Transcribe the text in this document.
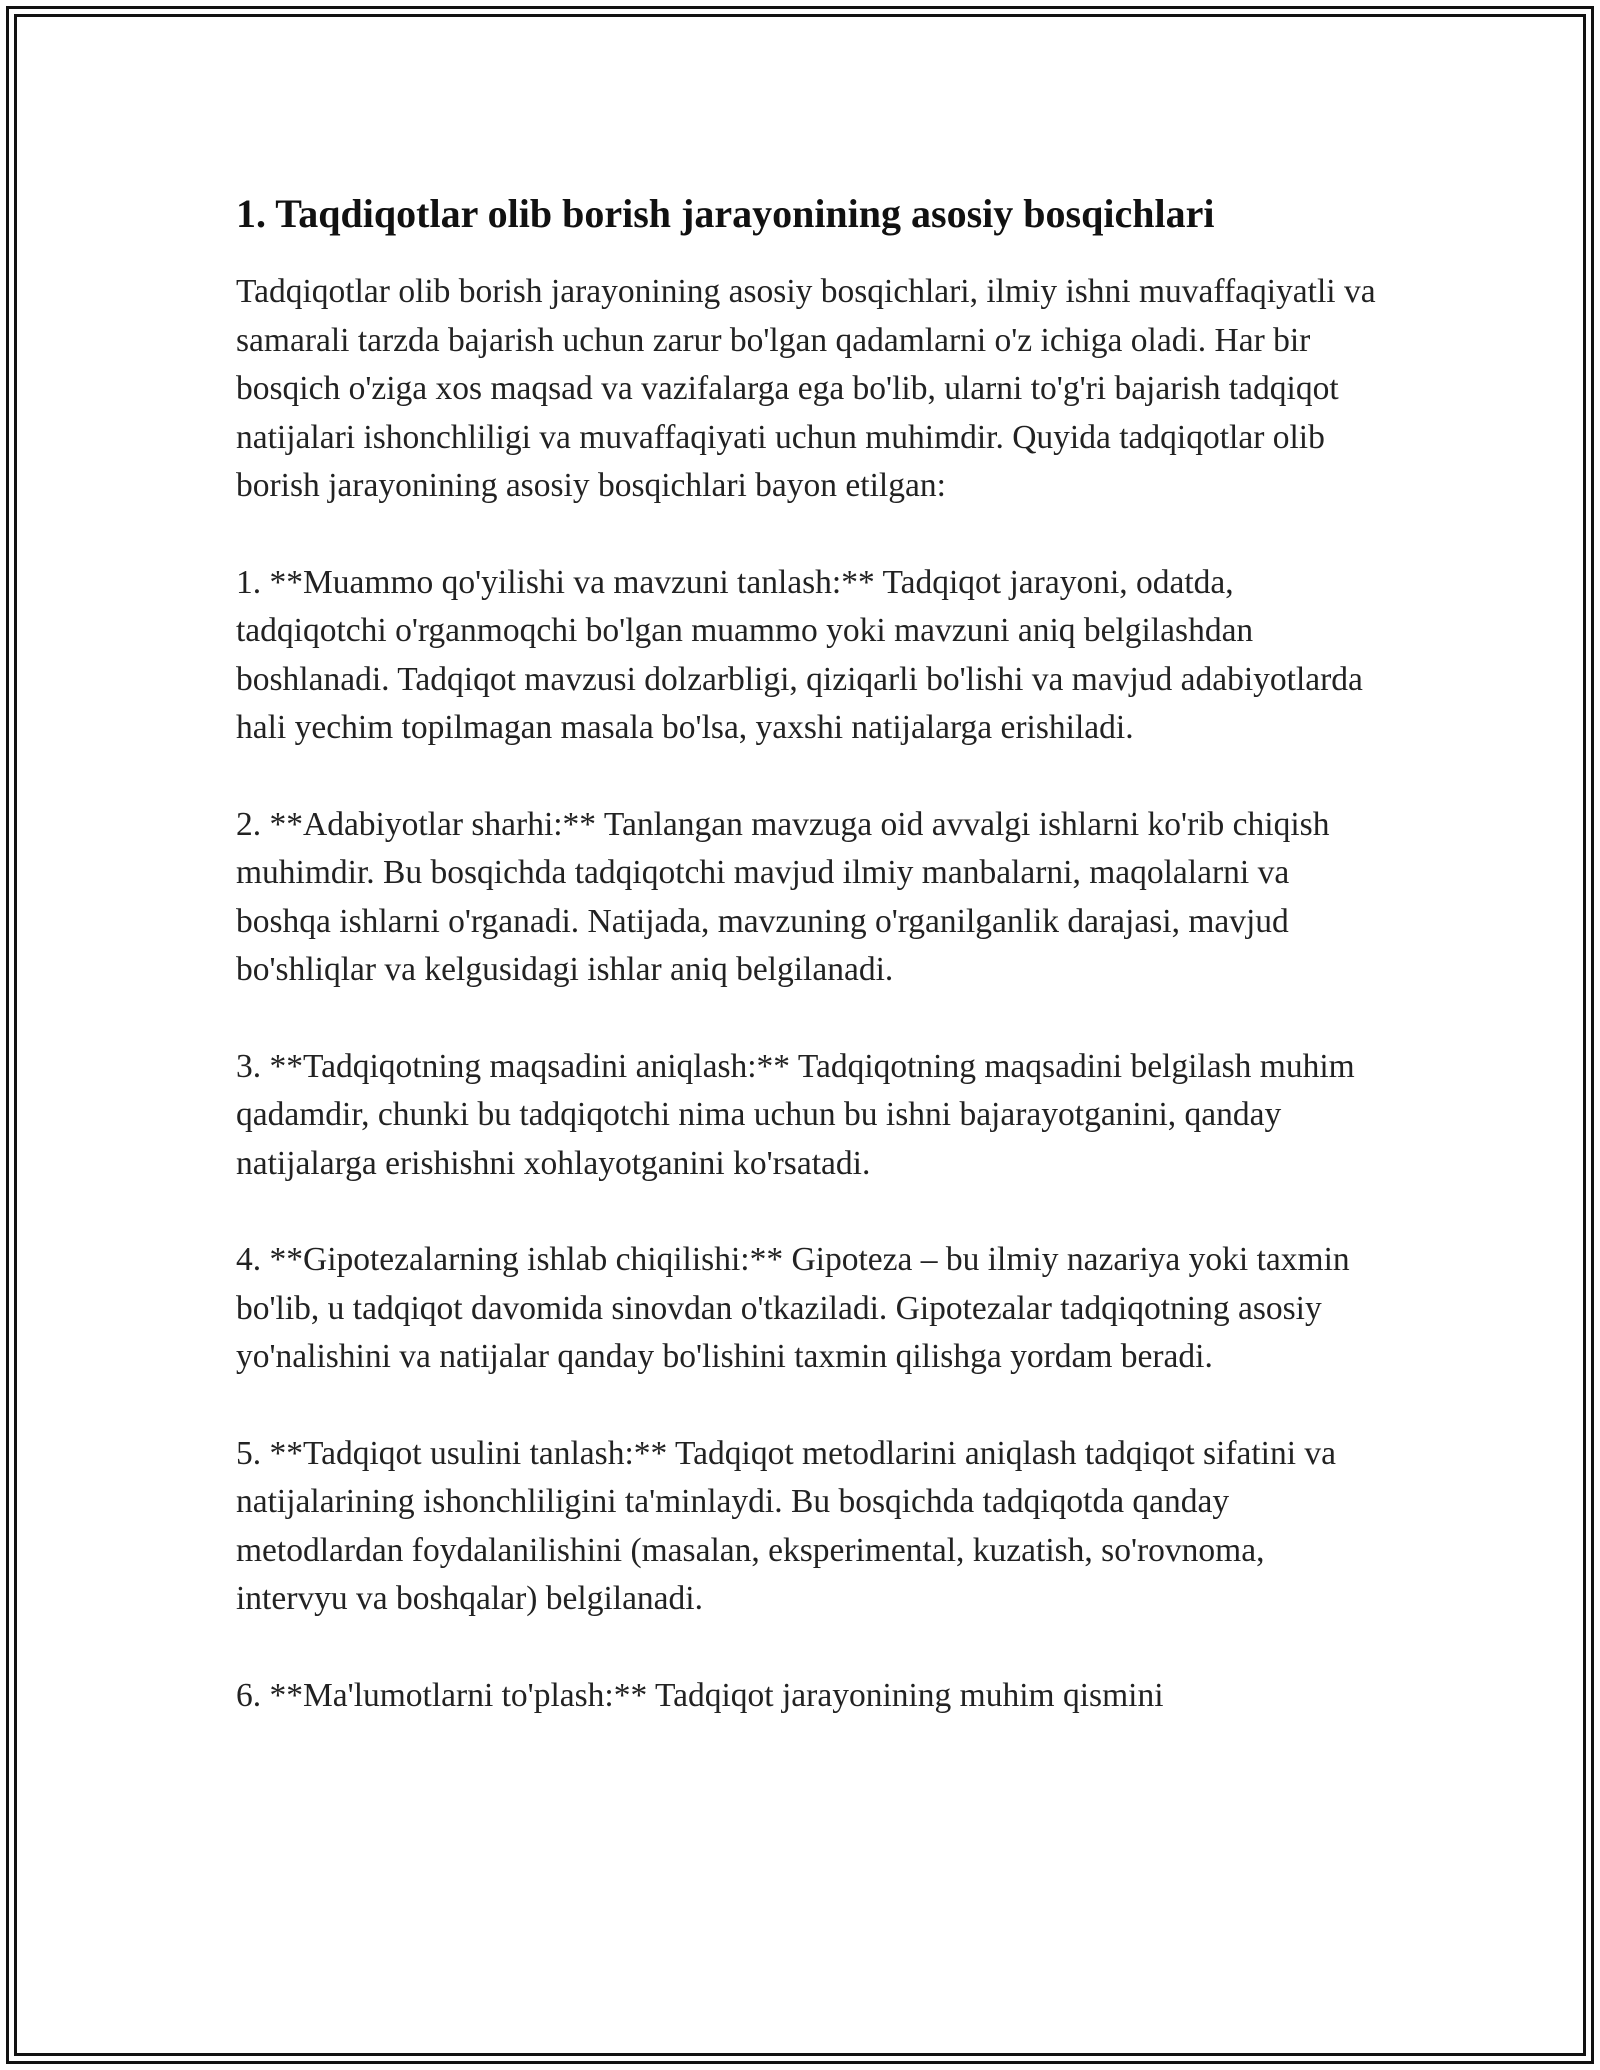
1. Taqdiqotlar olib borish jarayonining asosiy bosqichlari

Tadqiqotlar olib borish jarayonining asosiy bosqichlari, ilmiy ishni muvaffaqiyatli va samarali tarzda bajarish uchun zarur bo'lgan qadamlarni o'z ichiga oladi. Har bir bosqich o'ziga xos maqsad va vazifalarga ega bo'lib, ularni to'g'ri bajarish tadqiqot natijalari ishonchliligi va muvaffaqiyati uchun muhimdir. Quyida tadqiqotlar olib borish jarayonining asosiy bosqichlari bayon etilgan:

1. **Muammo qo'yilishi va mavzuni tanlash:** Tadqiqot jarayoni, odatda, tadqiqotchi o'rganmoqchi bo'lgan muammo yoki mavzuni aniq belgilashdan boshlanadi. Tadqiqot mavzusi dolzarbligi, qiziqarli bo'lishi va mavjud adabiyotlarda hali yechim topilmagan masala bo'lsa, yaxshi natijalarga erishiladi.

2. **Adabiyotlar sharhi:** Tanlangan mavzuga oid avvalgi ishlarni ko'rib chiqish muhimdir. Bu bosqichda tadqiqotchi mavjud ilmiy manbalarni, maqolalarni va boshqa ishlarni o'rganadi. Natijada, mavzuning o'rganilganlik darajasi, mavjud bo'shliqlar va kelgusidagi ishlar aniq belgilanadi.

3. **Tadqiqotning maqsadini aniqlash:** Tadqiqotning maqsadini belgilash muhim qadamdir, chunki bu tadqiqotchi nima uchun bu ishni bajarayotganini, qanday natijalarga erishishni xohlayotganini ko'rsatadi.

4. **Gipotezalarning ishlab chiqilishi:** Gipoteza – bu ilmiy nazariya yoki taxmin bo'lib, u tadqiqot davomida sinovdan o'tkaziladi. Gipotezalar tadqiqotning asosiy yo'nalishini va natijalar qanday bo'lishini taxmin qilishga yordam beradi.

5. **Tadqiqot usulini tanlash:** Tadqiqot metodlarini aniqlash tadqiqot sifatini va natijalarining ishonchliligini ta'minlaydi. Bu bosqichda tadqiqotda qanday metodlardan foydalanilishini (masalan, eksperimental, kuzatish, so'rovnoma, intervyu va boshqalar) belgilanadi.

6. **Ma'lumotlarni to'plash:** Tadqiqot jarayonining muhim qismini
